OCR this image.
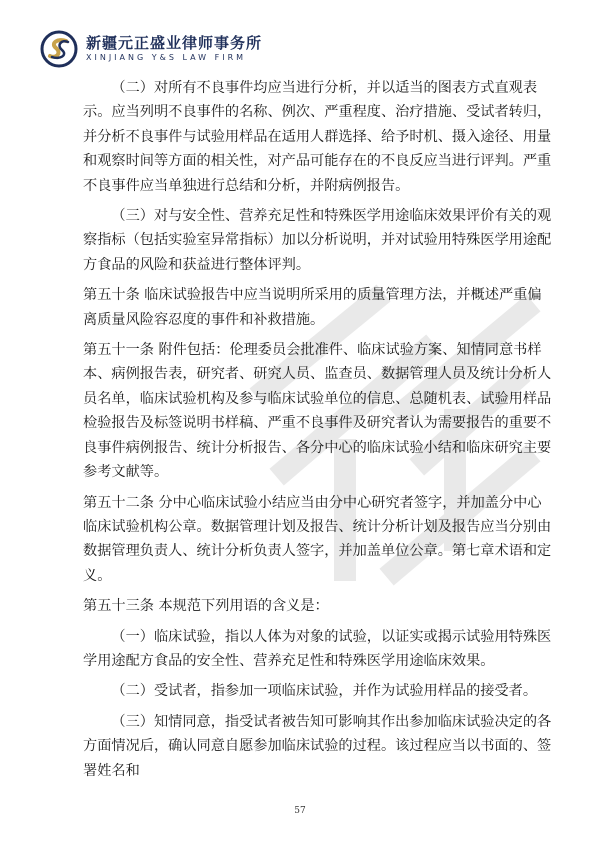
新疆元正盛业律师事务所
XINJIANG Y&S LAW FIRM

（二）对所有不良事件均应当进行分析，并以适当的图表方式直观表示。应当列明不良事件的名称、例次、严重程度、治疗措施、受试者转归，并分析不良事件与试验用样品在适用人群选择、给予时机、摄入途径、用量和观察时间等方面的相关性，对产品可能存在的不良反应当进行评判。严重不良事件应当单独进行总结和分析，并附病例报告。

（三）对与安全性、营养充足性和特殊医学用途临床效果评价有关的观察指标（包括实验室异常指标）加以分析说明，并对试验用特殊医学用途配方食品的风险和获益进行整体评判。

第五十条 临床试验报告中应当说明所采用的质量管理方法，并概述严重偏离质量风险容忍度的事件和补救措施。

第五十一条 附件包括：伦理委员会批准件、临床试验方案、知情同意书样本、病例报告表，研究者、研究人员、监查员、数据管理人员及统计分析人员名单，临床试验机构及参与临床试验单位的信息、总随机表、试验用样品检验报告及标签说明书样稿、严重不良事件及研究者认为需要报告的重要不良事件病例报告、统计分析报告、各分中心的临床试验小结和临床研究主要参考文献等。

第五十二条 分中心临床试验小结应当由分中心研究者签字，并加盖分中心临床试验机构公章。数据管理计划及报告、统计分析计划及报告应当分别由数据管理负责人、统计分析负责人签字，并加盖单位公章。第七章术语和定义。

第五十三条 本规范下列用语的含义是：

（一）临床试验，指以人体为对象的试验，以证实或揭示试验用特殊医学用途配方食品的安全性、营养充足性和特殊医学用途临床效果。

（二）受试者，指参加一项临床试验，并作为试验用样品的接受者。

（三）知情同意，指受试者被告知可影响其作出参加临床试验决定的各方面情况后，确认同意自愿参加临床试验的过程。该过程应当以书面的、签署姓名和

57
